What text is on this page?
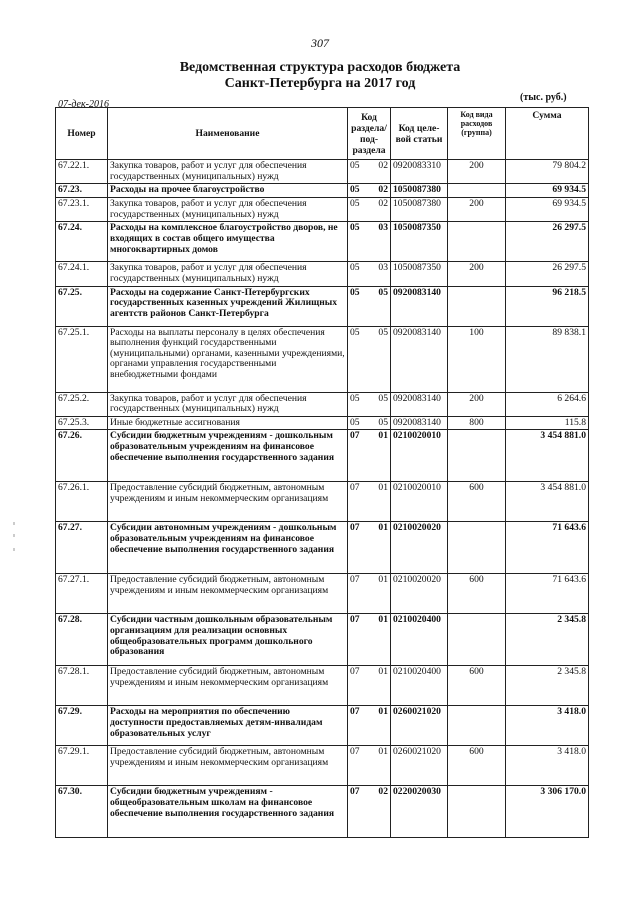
307
Ведомственная структура расходов бюджета
Санкт-Петербурга на 2017 год
07-дек-2016
(тыс. руб.)
Номер	Наименование	Код раздела/ под- раздела		Код целе- вой статьи	Код вида расходов (группа)	Сумма
67.22.1.	Закупка товаров, работ и услуг для обеспечения государственных (муниципальных) нужд	05	02	0920083310	200	79 804.2
67.23.	Расходы на прочее благоустройство	05	02	1050087380		69 934.5
67.23.1.	Закупка товаров, работ и услуг для обеспечения государственных (муниципальных) нужд	05	02	1050087380	200	69 934.5
67.24.	Расходы на комплексное благоустройство дворов, не входящих в состав общего имущества многоквартирных домов	05	03	1050087350		26 297.5
67.24.1.	Закупка товаров, работ и услуг для обеспечения государственных (муниципальных) нужд	05	03	1050087350	200	26 297.5
67.25.	Расходы на содержание Санкт-Петербургских государственных казенных учреждений Жилищных агентств районов Санкт-Петербурга	05	05	0920083140		96 218.5
67.25.1.	Расходы на выплаты персоналу в целях обеспечения выполнения функций государственными (муниципальными) органами, казенными учреждениями, органами управления государственными внебюджетными фондами	05	05	0920083140	100	89 838.1
67.25.2.	Закупка товаров, работ и услуг для обеспечения государственных (муниципальных) нужд	05	05	0920083140	200	6 264.6
67.25.3.	Иные бюджетные ассигнования	05	05	0920083140	800	115.8
67.26.	Субсидии бюджетным учреждениям - дошкольным образовательным учреждениям на финансовое обеспечение выполнения государственного задания	07	01	0210020010		3 454 881.0
67.26.1.	Предоставление субсидий бюджетным, автономным учреждениям и иным некоммерческим организациям	07	01	0210020010	600	3 454 881.0
67.27.	Субсидии автономным учреждениям - дошкольным образовательным учреждениям на финансовое обеспечение выполнения государственного задания	07	01	0210020020		71 643.6
67.27.1.	Предоставление субсидий бюджетным, автономным учреждениям и иным некоммерческим организациям	07	01	0210020020	600	71 643.6
67.28.	Субсидии частным дошкольным образовательным организациям для реализации основных общеобразовательных программ дошкольного образования	07	01	0210020400		2 345.8
67.28.1.	Предоставление субсидий бюджетным, автономным учреждениям и иным некоммерческим организациям	07	01	0210020400	600	2 345.8
67.29.	Расходы на мероприятия по обеспечению доступности предоставляемых детям-инвалидам образовательных услуг	07	01	0260021020		3 418.0
67.29.1.	Предоставление субсидий бюджетным, автономным учреждениям и иным некоммерческим организациям	07	01	0260021020	600	3 418.0
67.30.	Субсидии бюджетным учреждениям - общеобразовательным школам на финансовое обеспечение выполнения государственного задания	07	02	0220020030		3 306 170.0
